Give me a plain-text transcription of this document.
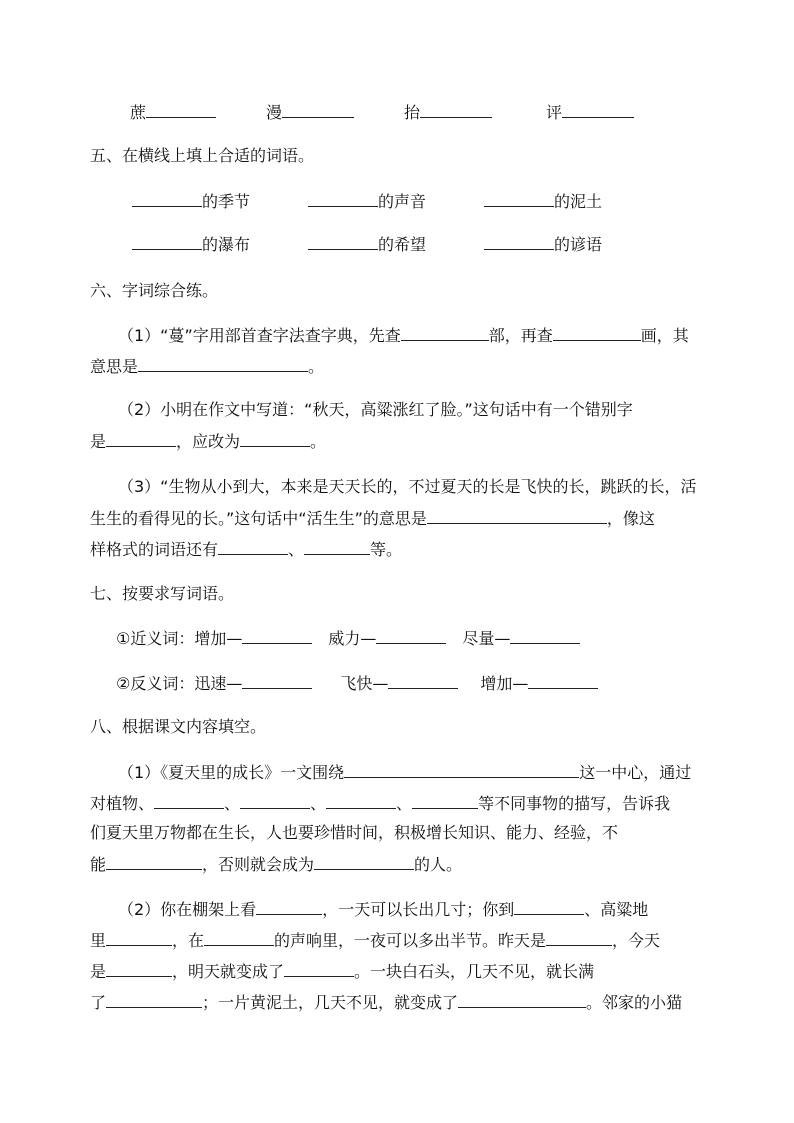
蔗	漫	抬	评
五、在横线上填上合适的词语。
的季节	的声音	的泥土
的瀑布	的希望	的谚语
六、字词综合练。
（1）“蔓”字用部首查字法查字典，先查	部，再查	画，其
意思是	。
（2）小明在作文中写道：“秋天，高粱涨红了脸。”这句话中有一个错别字
是	，应改为	。
（3）“生物从小到大，本来是天天长的，不过夏天的长是飞快的长，跳跃的长，活
生生的看得见的长。”这句话中“活生生”的意思是	，像这
样格式的词语还有	、	等。
七、按要求写词语。
①近义词：增加—	威力—	尽量—
②反义词：迅速—	飞快—	增加—
八、根据课文内容填空。
（1）《夏天里的成长》一文围绕	这一中心，通过
对植物、	、	、	、	等不同事物的描写，告诉我
们夏天里万物都在生长，人也要珍惜时间，积极增长知识、能力、经验，不
能	，否则就会成为	的人。
（2）你在棚架上看	，一天可以长出几寸；你到	、高粱地
里	，在	的声响里，一夜可以多出半节。昨天是	，今天
是	，明天就变成了	。一块白石头，几天不见，就长满
了	；一片黄泥土，几天不见，就变成了	。邻家的小猫
